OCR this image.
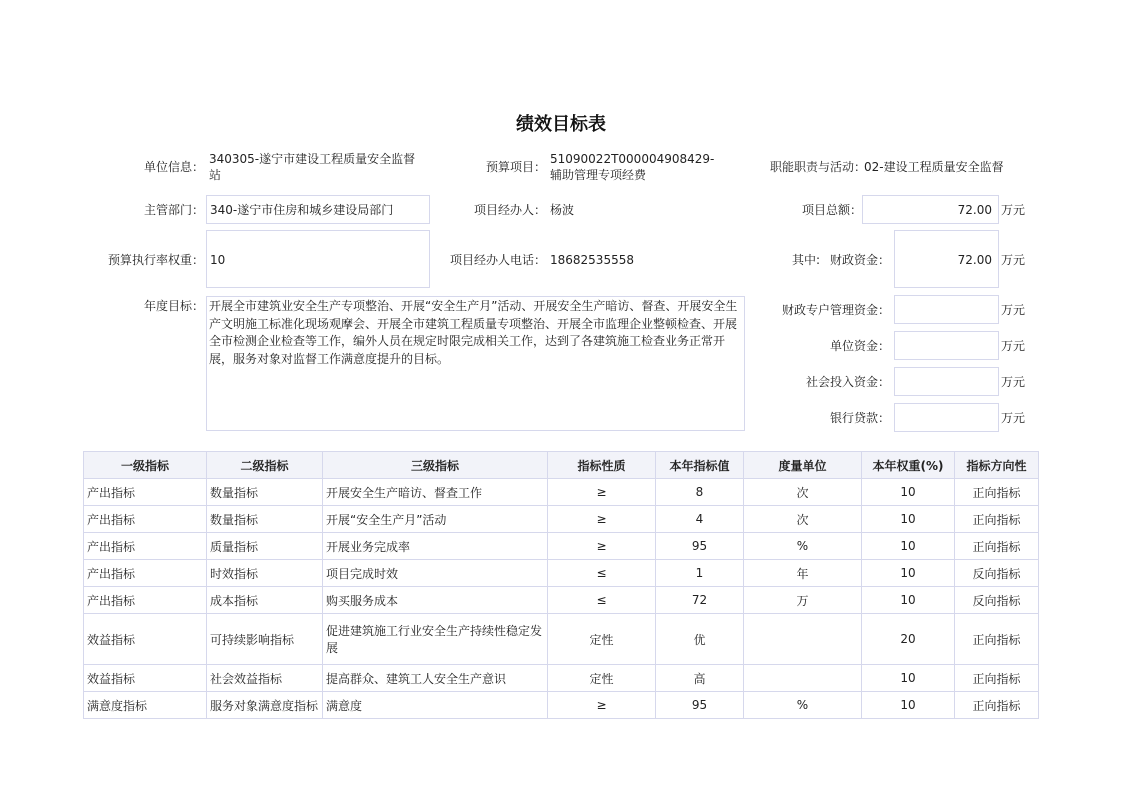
绩效目标表
单位信息：
340305-遂宁市建设工程质量安全监督站
预算项目：
51090022T000004908429-辅助管理专项经费
职能职责与活动：
02-建设工程质量安全监督
主管部门： 340-遂宁市住房和城乡建设局部门	项目经办人： 杨波	项目总额：	72.00 万元
预算执行率权重： 10	项目经办人电话： 18682535558	其中: 财政资金：	72.00 万元
年度目标： 开展全市建筑业安全生产专项整治、开展“安全生产月”活动、开展安全生产暗访、督查、开展安全生产文明施工标准化现场观摩会、开展全市建筑工程质量专项整治、开展全市监理企业整顿检查、开展全市检测企业检查等工作，编外人员在规定时限完成相关工作，达到了各建筑施工检查业务正常开展，服务对象对监督工作满意度提升的目标。
财政专户管理资金：	万元
单位资金：	万元
社会投入资金：	万元
银行贷款：	万元
一级指标	二级指标	三级指标	指标性质	本年指标值	度量单位	本年权重(%)	指标方向性
产出指标	数量指标	开展安全生产暗访、督查工作	≥	8	次	10	正向指标
产出指标	数量指标	开展“安全生产月”活动	≥	4	次	10	正向指标
产出指标	质量指标	开展业务完成率	≥	95	%	10	正向指标
产出指标	时效指标	项目完成时效	≤	1	年	10	反向指标
产出指标	成本指标	购买服务成本	≤	72	万	10	反向指标
效益指标	可持续影响指标	促进建筑施工行业安全生产持续性稳定发展	定性	优		20	正向指标
效益指标	社会效益指标	提高群众、建筑工人安全生产意识	定性	高		10	正向指标
满意度指标	服务对象满意度指标	满意度	≥	95	%	10	正向指标
